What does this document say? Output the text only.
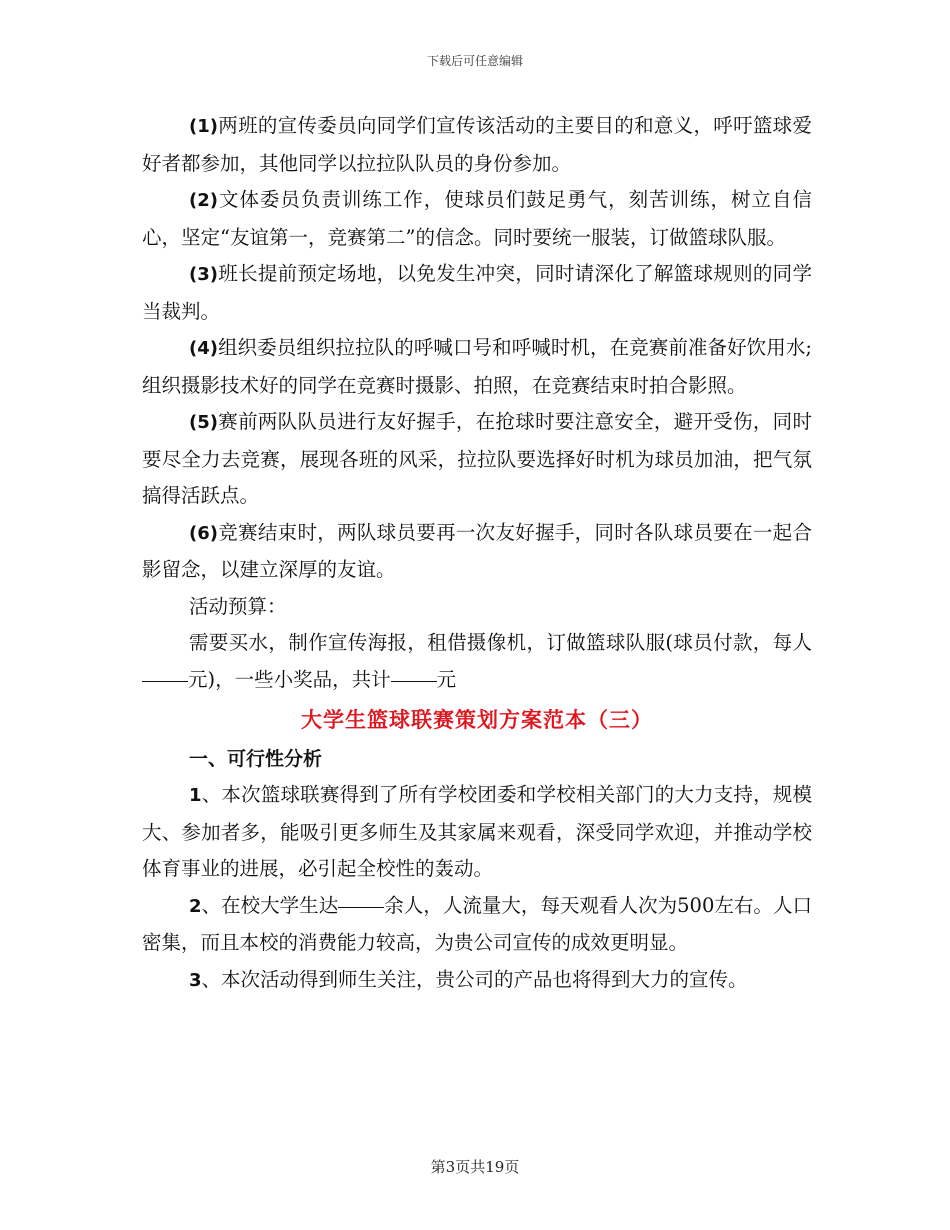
下载后可任意编辑

(1)两班的宣传委员向同学们宣传该活动的主要目的和意义，呼吁篮球爱好者都参加，其他同学以拉拉队队员的身份参加。

(2)文体委员负责训练工作，使球员们鼓足勇气，刻苦训练，树立自信心，坚定“友谊第一，竞赛第二”的信念。同时要统一服装，订做篮球队服。

(3)班长提前预定场地，以免发生冲突，同时请深化了解篮球规则的同学当裁判。

(4)组织委员组织拉拉队的呼喊口号和呼喊时机，在竞赛前准备好饮用水;组织摄影技术好的同学在竞赛时摄影、拍照，在竞赛结束时拍合影照。

(5)赛前两队队员进行友好握手，在抢球时要注意安全，避开受伤，同时要尽全力去竞赛，展现各班的风采，拉拉队要选择好时机为球员加油，把气氛搞得活跃点。

(6)竞赛结束时，两队球员要再一次友好握手，同时各队球员要在一起合影留念，以建立深厚的友谊。

活动预算：

需要买水，制作宣传海报，租借摄像机，订做篮球队服(球员付款，每人元)，一些小奖品，共计 元

大学生篮球联赛策划方案范本（三）

一、可行性分析

1、本次篮球联赛得到了所有学校团委和学校相关部门的大力支持，规模大、参加者多，能吸引更多师生及其家属来观看，深受同学欢迎，并推动学校体育事业的进展，必引起全校性的轰动。

2、在校大学生达 余人，人流量大，每天观看人次为500左右。人口密集，而且本校的消费能力较高，为贵公司宣传的成效更明显。

3、本次活动得到师生关注，贵公司的产品也将得到大力的宣传。

第3页共19页
